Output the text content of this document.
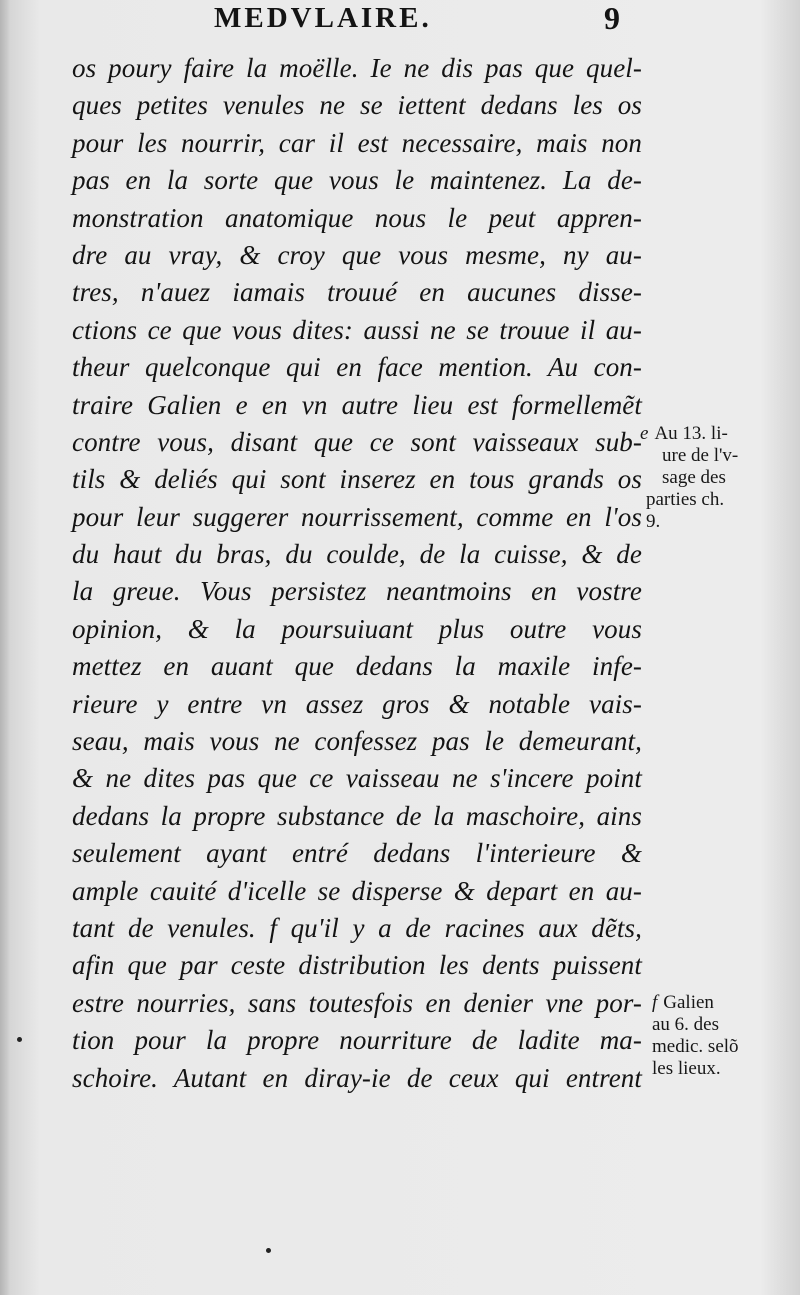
MEDVLAIRE.	9
os poury faire la moëlle. Ie ne dis pas que quel-
ques petites venules ne se iettent dedans les os
pour les nourrir, car il est necessaire, mais non
pas en la sorte que vous le maintenez. La de-
monstration anatomique nous le peut appren-
dre au vray, & croy que vous mesme, ny au-
tres, n'auez iamais trouué en aucunes disse-
ctions ce que vous dites: aussi ne se trouue il au-
theur quelconque qui en face mention. Au con-
traire Galien e en vn autre lieu est formellemẽt
contre vous, disant que ce sont vaisseaux sub-
tils & deliés qui sont inserez en tous grands os
pour leur suggerer nourrissement, comme en l'os
du haut du bras, du coulde, de la cuisse, & de
la greue. Vous persistez neantmoins en vostre
opinion, & la poursuiuant plus outre vous
mettez en auant que dedans la maxile infe-
rieure y entre vn assez gros & notable vais-
seau, mais vous ne confessez pas le demeurant,
& ne dites pas que ce vaisseau ne s'incere point
dedans la propre substance de la maschoire, ains
seulement ayant entré dedans l'interieure &
ample cauité d'icelle se disperse & depart en au-
tant de venules. f qu'il y a de racines aux dẽts,
afin que par ceste distribution les dents puissent
estre nourries, sans toutesfois en denier vne por-
tion pour la propre nourriture de ladite ma-
schoire. Autant en diray-ie de ceux qui entrent
e Au 13. li-
ure de l'v-
sage des
parties ch.
9.
f Galien
au 6. des
medic. selõ
les lieux.
